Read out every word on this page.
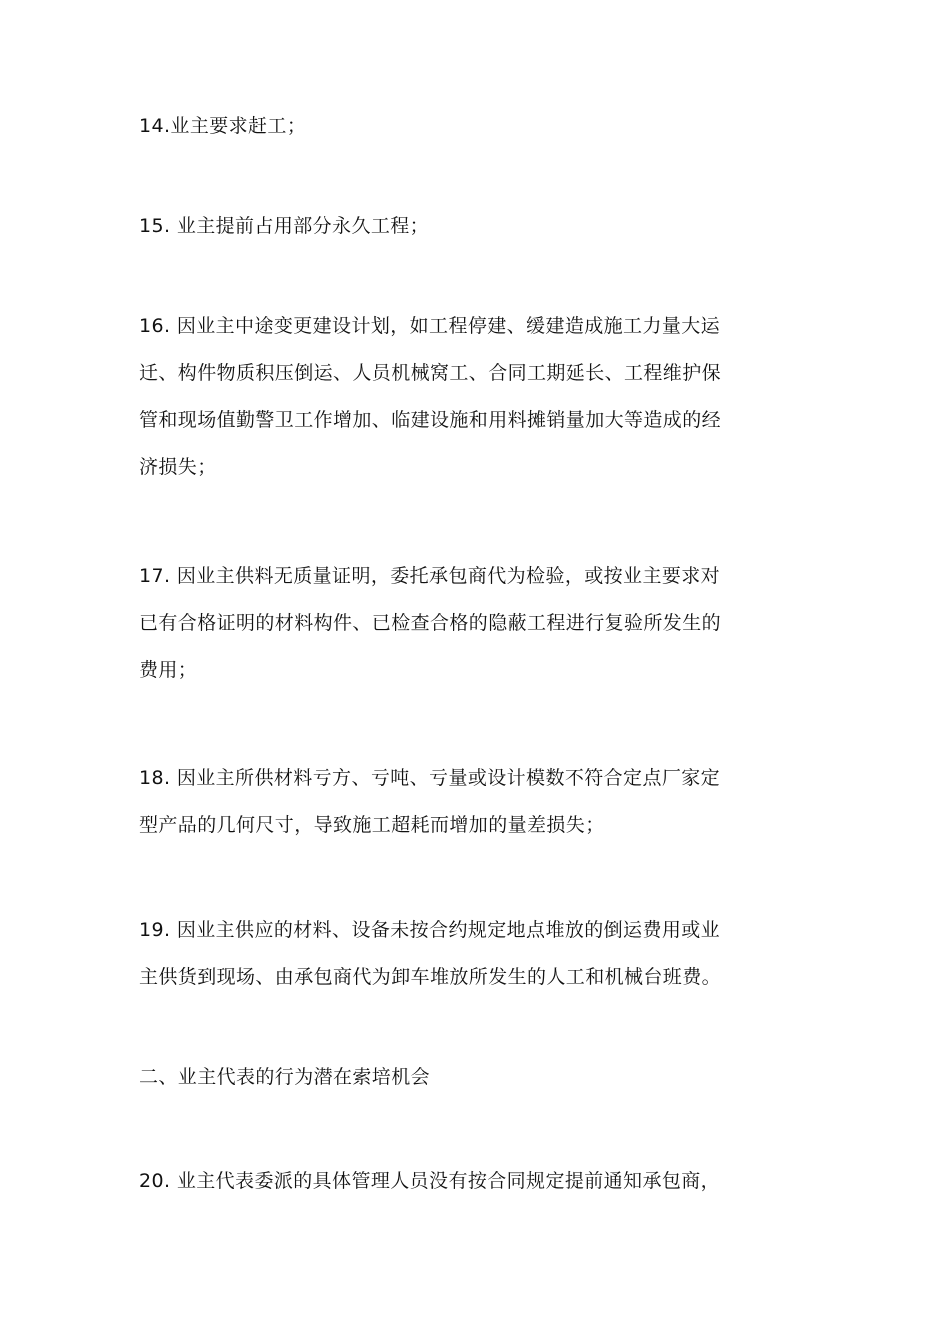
14.业主要求赶工；
15. 业主提前占用部分永久工程；
16. 因业主中途变更建设计划，如工程停建、缓建造成施工力量大运
迁、构件物质积压倒运、人员机械窝工、合同工期延长、工程维护保
管和现场值勤警卫工作增加、临建设施和用料摊销量加大等造成的经
济损失；
17. 因业主供料无质量证明，委托承包商代为检验，或按业主要求对
已有合格证明的材料构件、已检查合格的隐蔽工程进行复验所发生的
费用；
18. 因业主所供材料亏方、亏吨、亏量或设计模数不符合定点厂家定
型产品的几何尺寸，导致施工超耗而增加的量差损失；
19. 因业主供应的材料、设备未按合约规定地点堆放的倒运费用或业
主供货到现场、由承包商代为卸车堆放所发生的人工和机械台班费。
二、业主代表的行为潜在索培机会
20. 业主代表委派的具体管理人员没有按合同规定提前通知承包商，
